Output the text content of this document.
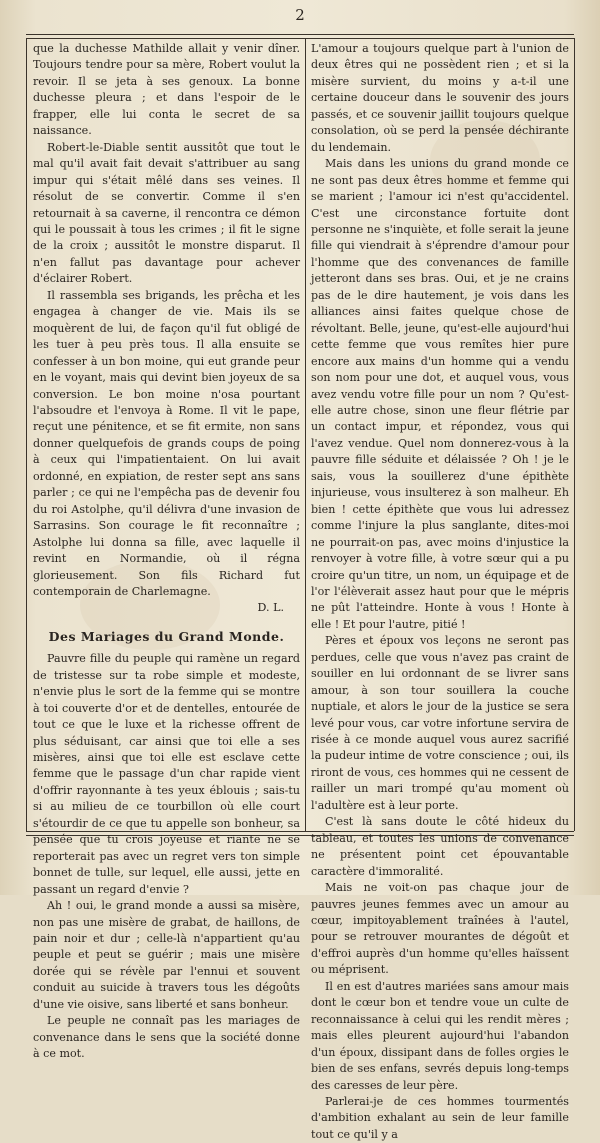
2

que la duchesse Mathilde allait y venir dîner. Toujours tendre pour sa mère, Robert voulut la revoir. Il se jeta à ses genoux. La bonne duchesse pleura ; et dans l'espoir de le frapper, elle lui conta le secret de sa naissance.

Robert-le-Diable sentit aussitôt que tout le mal qu'il avait fait devait s'attribuer au sang impur qui s'était mêlé dans ses veines. Il résolut de se convertir. Comme il s'en retournait à sa caverne, il rencontra ce démon qui le poussait à tous les crimes ; il fit le signe de la croix ; aussitôt le monstre disparut. Il n'en fallut pas davantage pour achever d'éclairer Robert.

Il rassembla ses brigands, les prêcha et les engagea à changer de vie. Mais ils se moquèrent de lui, de façon qu'il fut obligé de les tuer à peu près tous. Il alla ensuite se confesser à un bon moine, qui eut grande peur en le voyant, mais qui devint bien joyeux de sa conversion. Le bon moine n'osa pourtant l'absoudre et l'envoya à Rome. Il vit le pape, reçut une pénitence, et se fit ermite, non sans donner quelquefois de grands coups de poing à ceux qui l'impatientaient. On lui avait ordonné, en expiation, de rester sept ans sans parler ; ce qui ne l'empêcha pas de devenir fou du roi Astolphe, qu'il délivra d'une invasion de Sarrasins. Son courage le fit reconnaître ; Astolphe lui donna sa fille, avec laquelle il revint en Normandie, où il régna glorieusement. Son fils Richard fut contemporain de Charlemagne.

D. L.

Des Mariages du Grand Monde.

Pauvre fille du peuple qui ramène un regard de tristesse sur ta robe simple et modeste, n'envie plus le sort de la femme qui se montre à toi couverte d'or et de dentelles, entourée de tout ce que le luxe et la richesse offrent de plus séduisant, car ainsi que toi elle a ses misères, ainsi que toi elle est esclave cette femme que le passage d'un char rapide vient d'offrir rayonnante à tes yeux éblouis ; sais-tu si au milieu de ce tourbillon où elle court s'étourdir de ce que tu appelle son bonheur, sa pensée que tu crois joyeuse et riante ne se reporterait pas avec un regret vers ton simple bonnet de tulle, sur lequel, elle aussi, jette en passant un regard d'envie ?

Ah ! oui, le grand monde a aussi sa misère, non pas une misère de grabat, de haillons, de pain noir et dur ; celle-là n'appartient qu'au peuple et peut se guérir ; mais une misère dorée qui se révèle par l'ennui et souvent conduit au suicide à travers tous les dégoûts d'une vie oisive, sans liberté et sans bonheur.

Le peuple ne connaît pas les mariages de convenance dans le sens que la société donne à ce mot.

L'amour a toujours quelque part à l'union de deux êtres qui ne possèdent rien ; et si la misère survient, du moins y a-t-il une certaine douceur dans le souvenir des jours passés, et ce souvenir jaillit toujours quelque consolation, où se perd la pensée déchirante du lendemain.

Mais dans les unions du grand monde ce ne sont pas deux êtres homme et femme qui se marient ; l'amour ici n'est qu'accidentel. C'est une circonstance fortuite dont personne ne s'inquiète, et folle serait la jeune fille qui viendrait à s'éprendre d'amour pour l'homme que des convenances de famille jetteront dans ses bras. Oui, et je ne crains pas de le dire hautement, je vois dans les alliances ainsi faites quelque chose de révoltant. Belle, jeune, qu'est-elle aujourd'hui cette femme que vous remîtes hier pure encore aux mains d'un homme qui a vendu son nom pour une dot, et auquel vous, vous avez vendu votre fille pour un nom ? Qu'est-elle autre chose, sinon une fleur flétrie par un contact impur, et répondez, vous qui l'avez vendue. Quel nom donnerez-vous à la pauvre fille séduite et délaissée ? Oh ! je le sais, vous la souillerez d'une épithète injurieuse, vous insulterez à son malheur. Eh bien ! cette épithète que vous lui adressez comme l'injure la plus sanglante, dites-moi ne pourrait-on pas, avec moins d'injustice la renvoyer à votre fille, à votre sœur qui a pu croire qu'un titre, un nom, un équipage et de l'or l'élèverait assez haut pour que le mépris ne pût l'atteindre. Honte à vous ! Honte à elle ! Et pour l'autre, pitié !

Pères et époux vos leçons ne seront pas perdues, celle que vous n'avez pas craint de souiller en lui ordonnant de se livrer sans amour, à son tour souillera la couche nuptiale, et alors le jour de la justice se sera levé pour vous, car votre infortune servira de risée à ce monde auquel vous aurez sacrifié la pudeur intime de votre conscience ; oui, ils riront de vous, ces hommes qui ne cessent de railler un mari trompé qu'au moment où l'adultère est à leur porte.

C'est là sans doute le côté hideux du tableau, et toutes les unions de convenance ne présentent point cet épouvantable caractère d'immoralité.

Mais ne voit-on pas chaque jour de pauvres jeunes femmes avec un amour au cœur, impitoyablement traînées à l'autel, pour se retrouver mourantes de dégoût et d'effroi auprès d'un homme qu'elles haïssent ou méprisent.

Il en est d'autres mariées sans amour mais dont le cœur bon et tendre voue un culte de reconnaissance à celui qui les rendit mères ; mais elles pleurent aujourd'hui l'abandon d'un époux, dissipant dans de folles orgies le bien de ses enfans, sevrés depuis long-temps des caresses de leur père.

Parlerai-je de ces hommes tourmentés d'ambition exhalant au sein de leur famille tout ce qu'il y a
